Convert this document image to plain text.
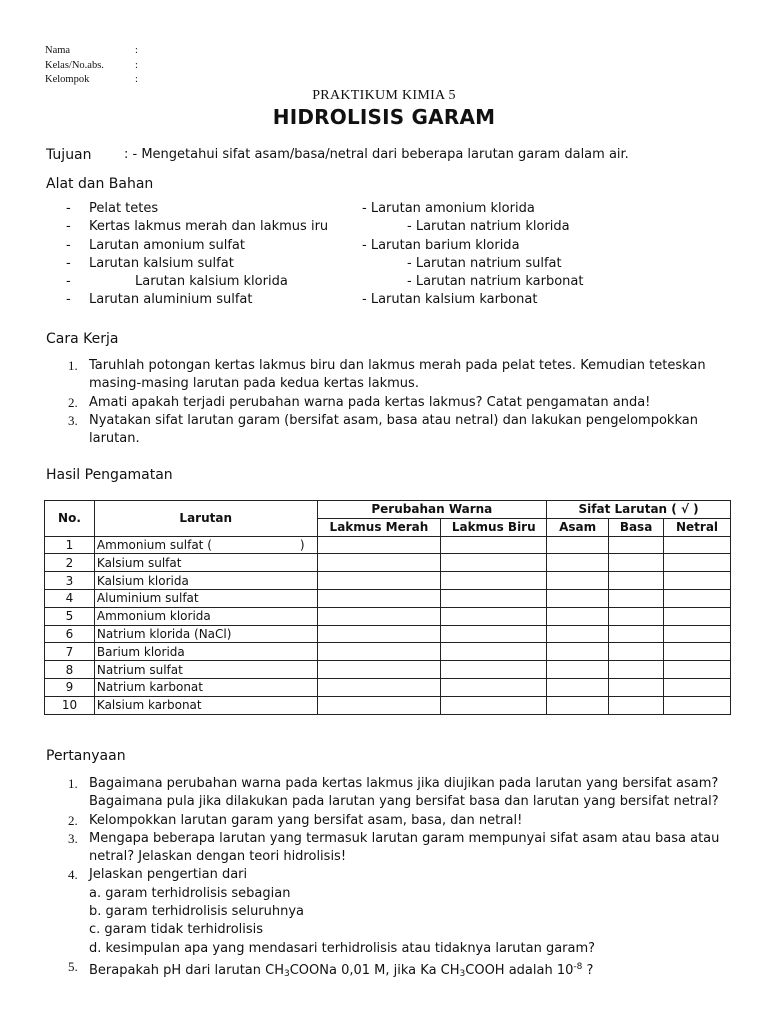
Nama	:
Kelas/No.abs.	:
Kelompok	:
PRAKTIKUM KIMIA 5
HIDROLISIS GARAM
Tujuan : - Mengetahui sifat asam/basa/netral dari beberapa larutan garam dalam air.
Alat dan Bahan
- Pelat tetes	- Larutan amonium klorida
- Kertas lakmus merah dan lakmus iru	- Larutan natrium klorida
- Larutan amonium sulfat	- Larutan barium klorida
- Larutan kalsium sulfat	- Larutan natrium sulfat
-	Larutan kalsium klorida	- Larutan natrium karbonat
- Larutan aluminium sulfat	- Larutan kalsium karbonat
Cara Kerja
1. Taruhlah potongan kertas lakmus biru dan lakmus merah pada pelat tetes. Kemudian teteskan masing-masing larutan pada kedua kertas lakmus.
2. Amati apakah terjadi perubahan warna pada kertas lakmus? Catat pengamatan anda!
3. Nyatakan sifat larutan garam (bersifat asam, basa atau netral) dan lakukan pengelompokkan larutan.
Hasil Pengamatan
No.	Larutan	Perubahan Warna		Sifat Larutan ( √ )		
		Lakmus Merah	Lakmus Biru	Asam	Basa	Netral
1	Ammonium sulfat ( )					
2	Kalsium sulfat					
3	Kalsium klorida					
4	Aluminium sulfat					
5	Ammonium klorida					
6	Natrium klorida (NaCl)					
7	Barium klorida					
8	Natrium sulfat					
9	Natrium karbonat					
10	Kalsium karbonat					
Pertanyaan
1. Bagaimana perubahan warna pada kertas lakmus jika diujikan pada larutan yang bersifat asam? Bagaimana pula jika dilakukan pada larutan yang bersifat basa dan larutan yang bersifat netral?
2. Kelompokkan larutan garam yang bersifat asam, basa, dan netral!
3. Mengapa beberapa larutan yang termasuk larutan garam mempunyai sifat asam atau basa atau netral? Jelaskan dengan teori hidrolisis!
4. Jelaskan pengertian dari
a. garam terhidrolisis sebagian
b. garam terhidrolisis seluruhnya
c. garam tidak terhidrolisis
d. kesimpulan apa yang mendasari terhidrolisis atau tidaknya larutan garam?
5. Berapakah pH dari larutan $CH_3COONa$ 0,01 M, jika Ka $CH_3COOH$ adalah $10^{-8}$ ?
